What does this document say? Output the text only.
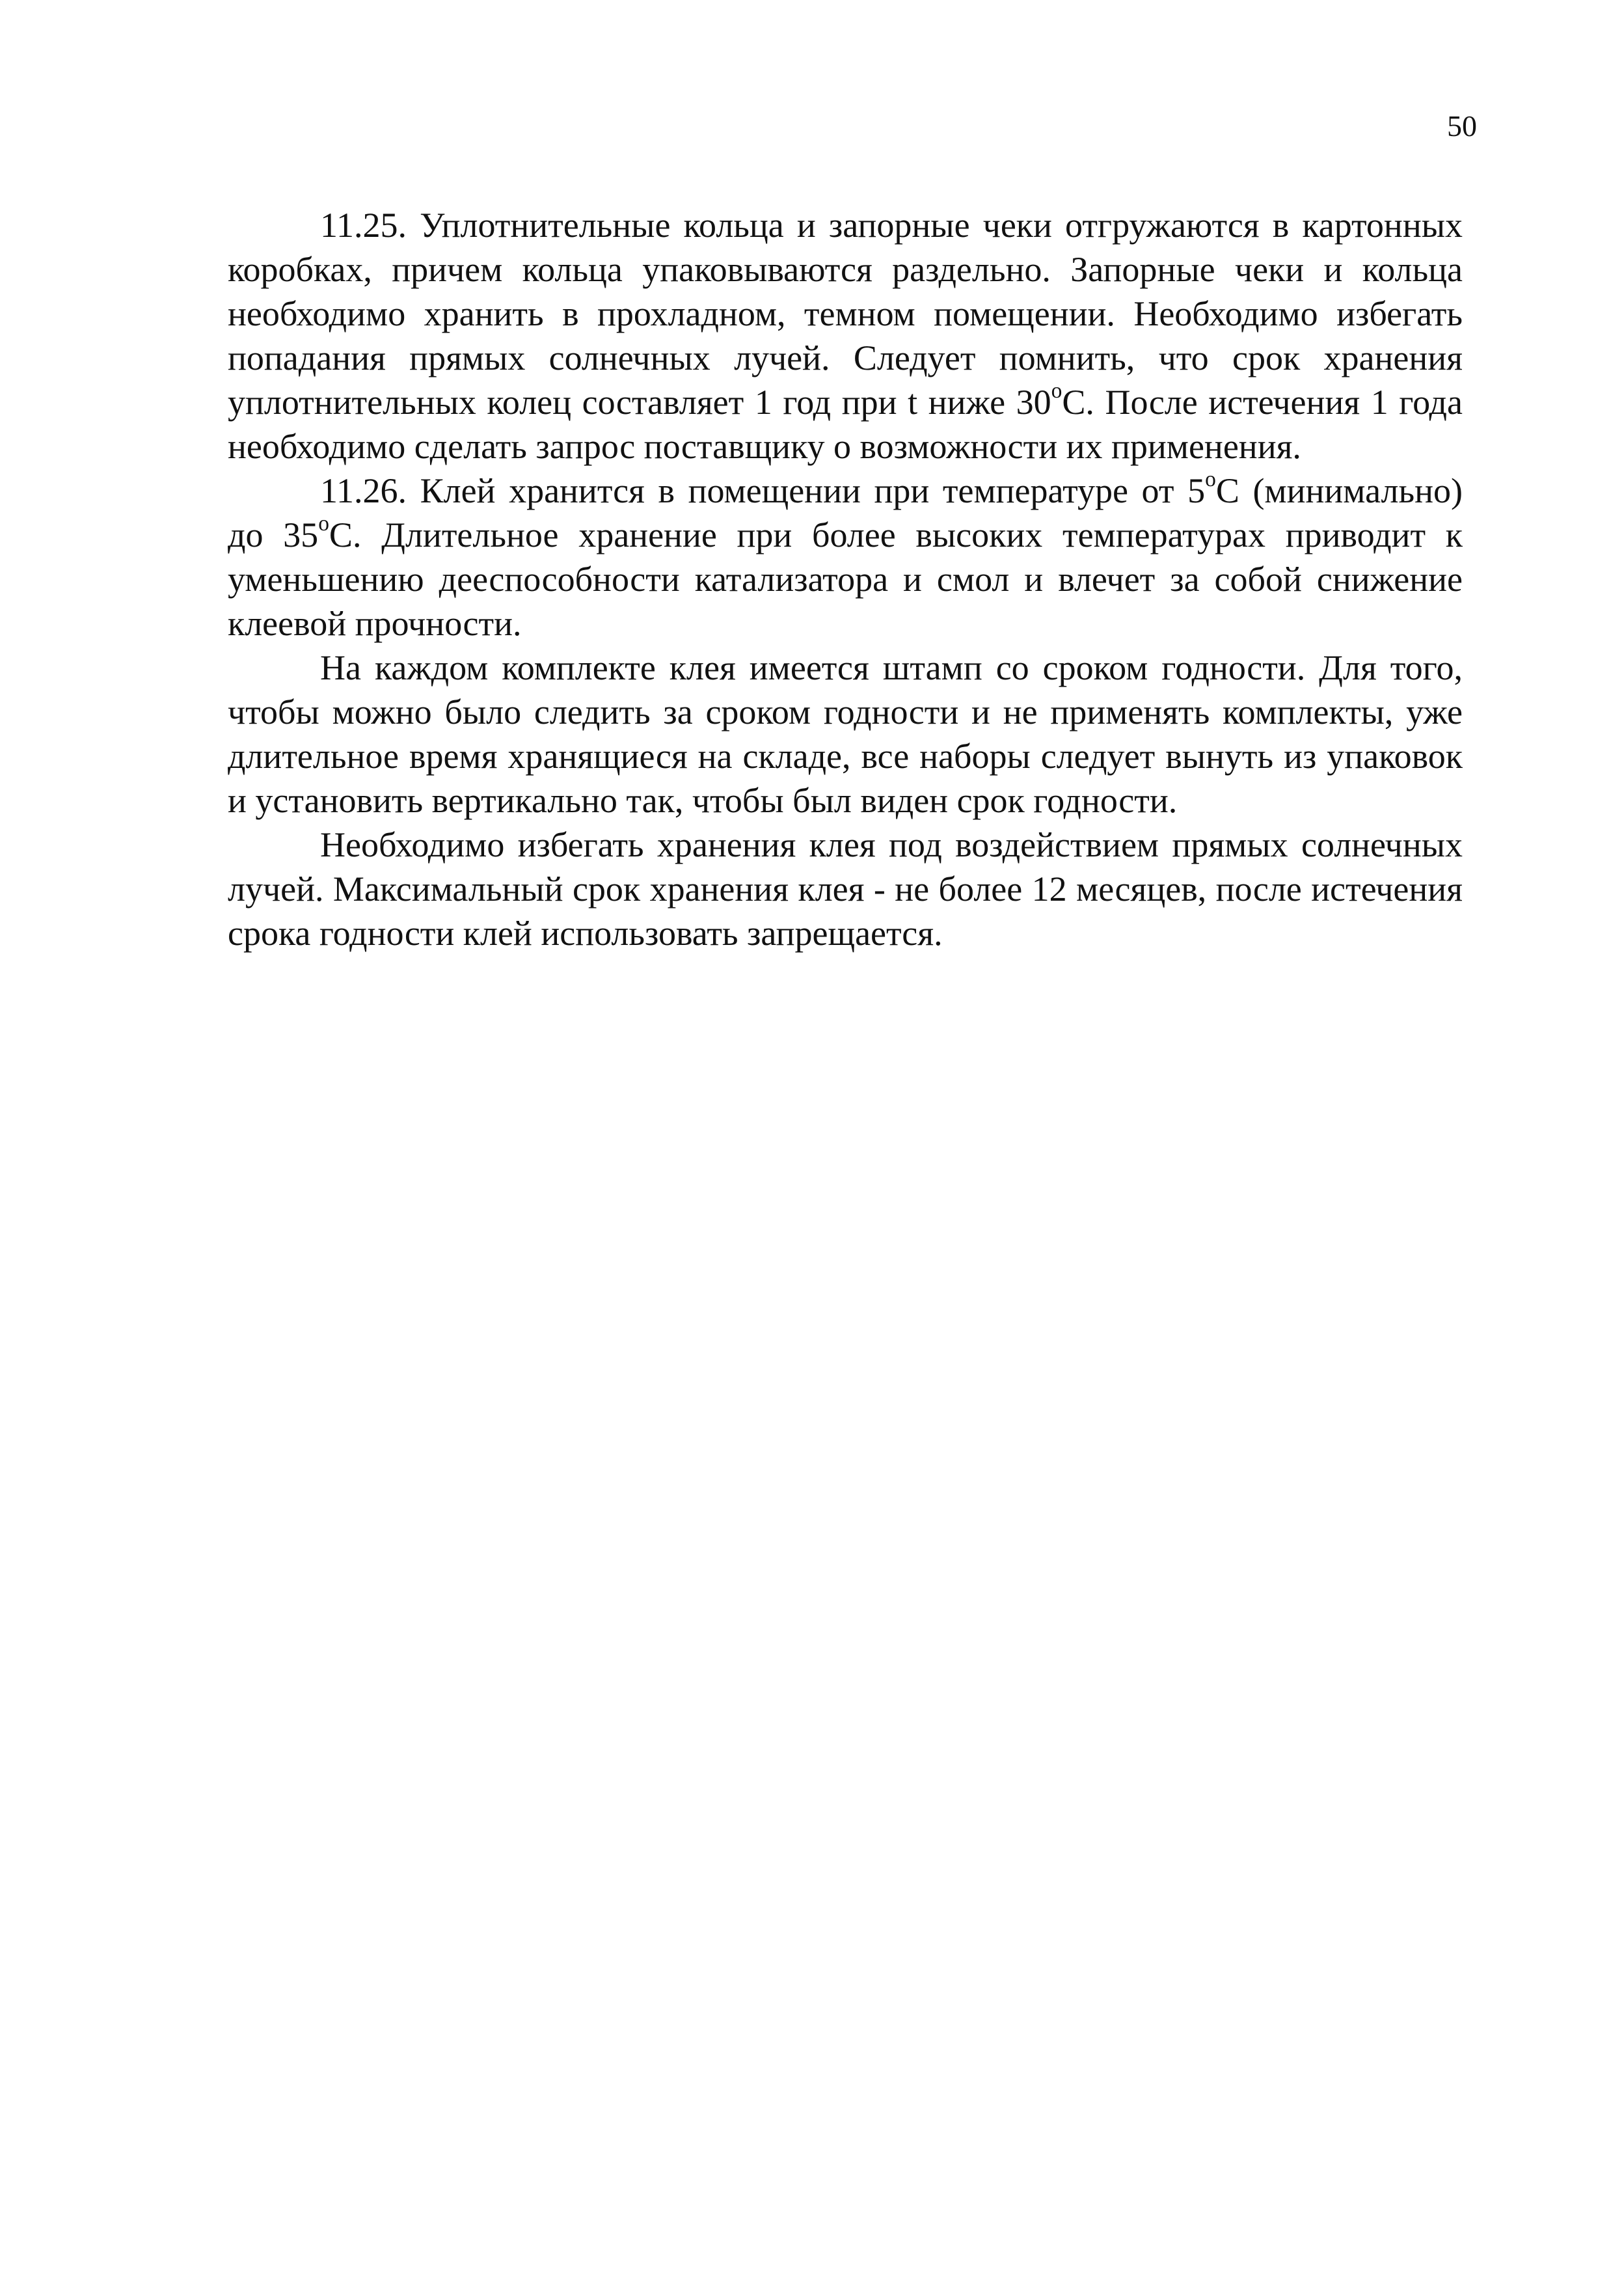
50

11.25. Уплотнительные кольца и запорные чеки отгружаются в картонных коробках, причем кольца упаковываются раздельно. Запорные чеки и кольца необходимо хранить в прохладном, темном помещении. Необходимо избегать попадания прямых солнечных лучей. Следует помнить, что срок хранения уплотнительных колец составляет 1 год при t ниже 30$^o$С. После истечения 1 года необходимо сделать запрос поставщику о возможности их применения.

11.26. Клей хранится в помещении при температуре от 5$^o$С (минимально) до 35$^o$С. Длительное хранение при более высоких температурах приводит к уменьшению дееспособности катализатора и смол и влечет за собой снижение клеевой прочности.

На каждом комплекте клея имеется штамп со сроком годности. Для того, чтобы можно было следить за сроком годности и не применять комплекты, уже длительное время хранящиеся на складе, все наборы следует вынуть из упаковок и установить вертикально так, чтобы был виден срок годности.

Необходимо избегать хранения клея под воздействием прямых солнечных лучей. Максимальный срок хранения клея - не более 12 месяцев, после истечения срока годности клей использовать запрещается.
